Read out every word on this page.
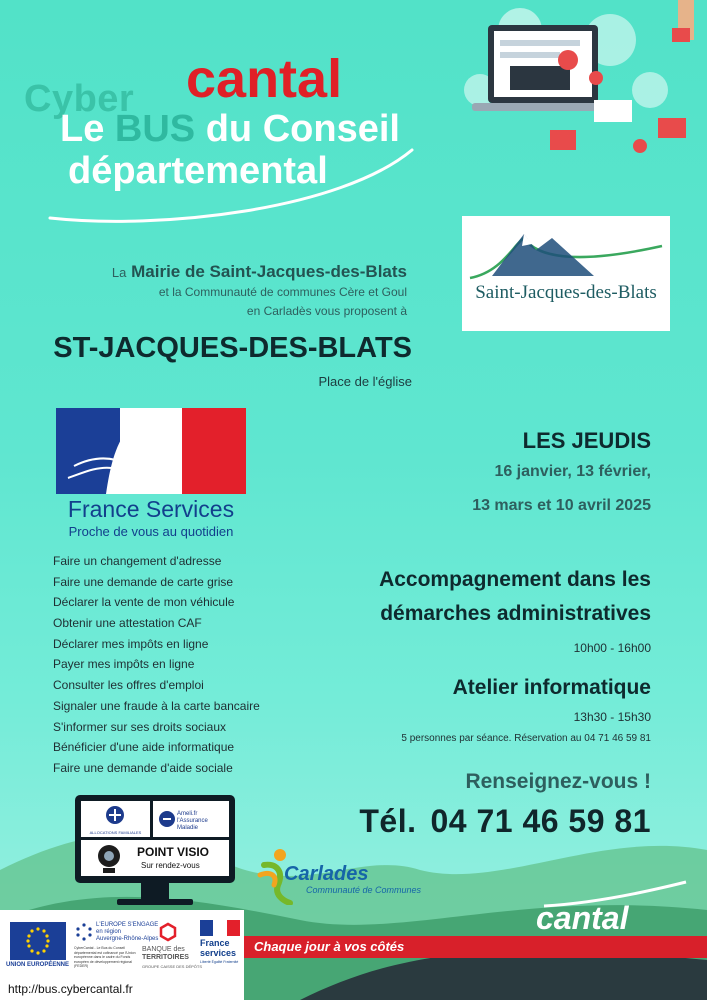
Cyber cantal
Le BUS du Conseil
départemental
La Mairie de Saint-Jacques-des-Blats
et la Communauté de communes Cère et Goul
en Carladès vous proposent à
ST-JACQUES-DES-BLATS
Place de l'église
Saint-Jacques-des-Blats
France Services
Proche de vous au quotidien
Faire un changement d'adresse
Faire une demande de carte grise
Déclarer la vente de mon véhicule
Obtenir une attestation CAF
Déclarer mes impôts en ligne
Payer mes impôts en ligne
Consulter les offres d'emploi
Signaler une fraude à la carte bancaire
S'informer sur ses droits sociaux
Bénéficier d'une aide informatique
Faire une demande d'aide sociale
LES JEUDIS
16 janvier, 13 février,
13 mars et 10 avril 2025
Accompagnement dans les
démarches administratives
10h00 - 16h00
Atelier informatique
13h30 - 15h30
5 personnes par séance. Réservation au 04 71 46 59 81
Renseignez-vous !
Tél. 04 71 46 59 81
ALLOCATIONS FAMILIALES
Ameli.fr
l'Assurance
Maladie
POINT VISIO
Sur rendez-vous	Carlades
Communauté de Communes
cantal
UNION EUROPÉENNE
L'EUROPE S'ENGAGE
en région
Auvergne-Rhône-Alpes
CyberCantal - Le Bus du Conseil départemental est cofinancé par l'Union européenne dans le cadre du Fonds européen de développement régional (FEDER)
BANQUE des
TERRITOIRES
GROUPE CAISSE DES DÉPÔTS
France
services
Liberté Égalité Fraternité
Chaque jour à vos côtés
http://bus.cybercantal.fr
